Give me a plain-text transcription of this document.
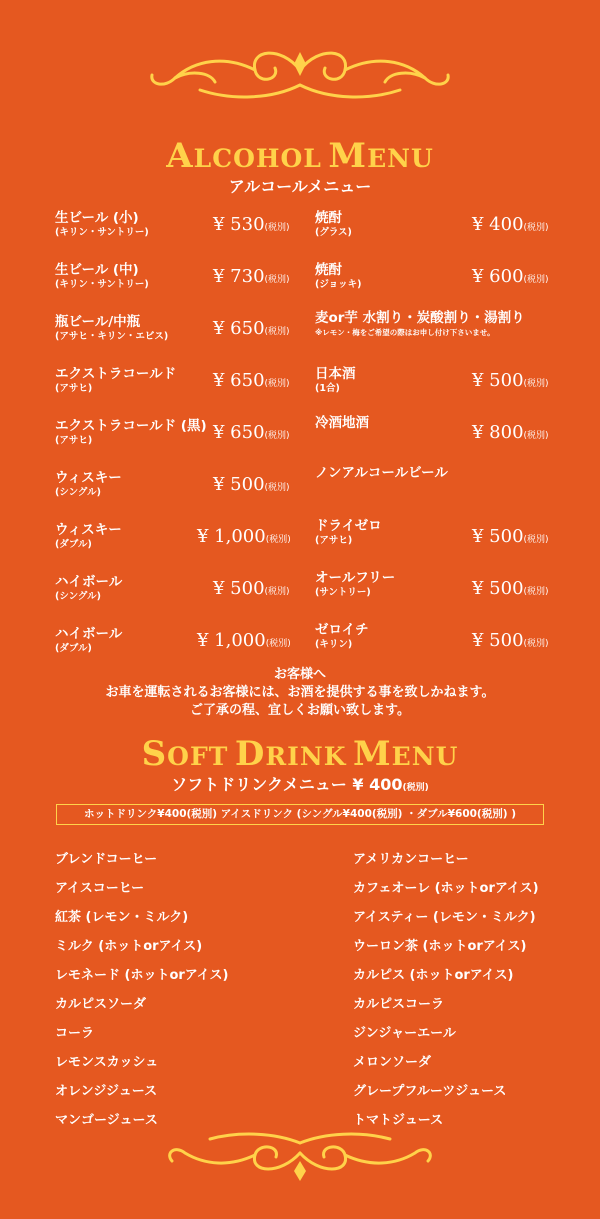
ALCOHOL MENU
アルコールメニュー
生ビール (小)
(キリン・サントリー)	¥ 530(税別)
生ビール (中)
(キリン・サントリー)	¥ 730(税別)
瓶ビール/中瓶
(アサヒ・キリン・エビス) ¥ 650(税別)
エクストラコールド
(アサヒ)	¥ 650(税別)
エクストラコールド (黒)
(アサヒ)	¥ 650(税別)
ウィスキー
(シングル)	¥ 500(税別)
ウィスキー
(ダブル)	¥ 1,000(税別)
ハイボール
(シングル)	¥ 500(税別)
ハイボール
(ダブル)	¥ 1,000(税別)
焼酎
(グラス)	¥ 400(税別)
焼酎
(ジョッキ)	¥ 600(税別)
麦or芋 水割り・炭酸割り・湯割り
※レモン・梅をご希望の際はお申し付け下さいませ。
日本酒
(1合)	¥ 500(税別)
冷酒地酒	¥ 800(税別)
ノンアルコールビール
ドライゼロ
(アサヒ)	¥ 500(税別)
オールフリー
(サントリー)	¥ 500(税別)
ゼロイチ
(キリン)	¥ 500(税別)
お客様へ
お車を運転されるお客様には、お酒を提供する事を致しかねます。
ご了承の程、宜しくお願い致します。
SOFT DRINK MENU
ソフトドリンクメニュー ¥ 400(税別)
ホットドリンク¥400(税別) アイスドリンク (シングル¥400(税別) ・ダブル¥600(税別) )
ブレンドコーヒー
アイスコーヒー
紅茶 (レモン・ミルク)
ミルク (ホットorアイス)
レモネード (ホットorアイス)
カルピスソーダ
コーラ
レモンスカッシュ
オレンジジュース
マンゴージュース
アメリカンコーヒー
カフェオーレ (ホットorアイス)
アイスティー (レモン・ミルク)
ウーロン茶 (ホットorアイス)
カルピス (ホットorアイス)
カルピスコーラ
ジンジャーエール
メロンソーダ
グレープフルーツジュース
トマトジュース
